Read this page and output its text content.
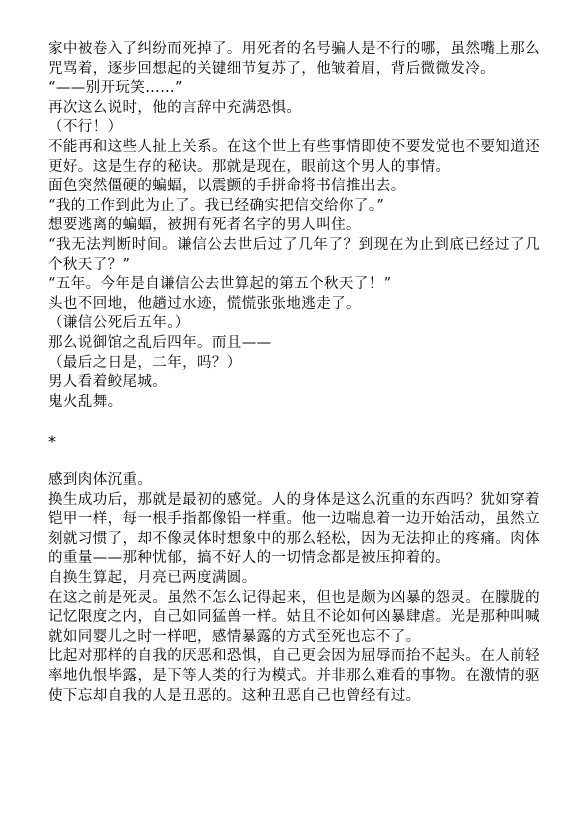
家中被卷入了纠纷而死掉了。用死者的名号骗人是不行的哪，虽然嘴上那么咒骂着，逐步回想起的关键细节复苏了，他皱着眉，背后微微发冷。

“——别开玩笑……”

再次这么说时，他的言辞中充满恐惧。

（不行！）

不能再和这些人扯上关系。在这个世上有些事情即使不要发觉也不要知道还更好。这是生存的秘诀。那就是现在，眼前这个男人的事情。

面色突然僵硬的蝙蝠，以震颤的手拼命将书信推出去。

“我的工作到此为止了。我已经确实把信交给你了。”

想要逃离的蝙蝠，被拥有死者名字的男人叫住。

“我无法判断时间。谦信公去世后过了几年了？到现在为止到底已经过了几个秋天了？”

“五年。今年是自谦信公去世算起的第五个秋天了！”

头也不回地，他趟过水迹，慌慌张张地逃走了。

（谦信公死后五年。）

那么说御馆之乱后四年。而且——

（最后之日是，二年，吗？）

男人看着鲛尾城。

鬼火乱舞。

*

感到肉体沉重。

换生成功后，那就是最初的感觉。人的身体是这么沉重的东西吗？犹如穿着铠甲一样，每一根手指都像铅一样重。他一边喘息着一边开始活动，虽然立刻就习惯了，却不像灵体时想象中的那么轻松，因为无法抑止的疼痛。肉体的重量——那种忧郁，搞不好人的一切情念都是被压抑着的。

自换生算起，月亮已两度满圆。

在这之前是死灵。虽然不怎么记得起来，但也是颇为凶暴的怨灵。在朦胧的记忆限度之内，自己如同猛兽一样。姑且不论如何凶暴肆虐。光是那种叫喊就如同婴儿之时一样吧，感情暴露的方式至死也忘不了。

比起对那样的自我的厌恶和恐惧，自己更会因为屈辱而抬不起头。在人前轻率地仇恨毕露，是下等人类的行为模式。并非那么难看的事物。在激情的驱使下忘却自我的人是丑恶的。这种丑恶自己也曾经有过。
